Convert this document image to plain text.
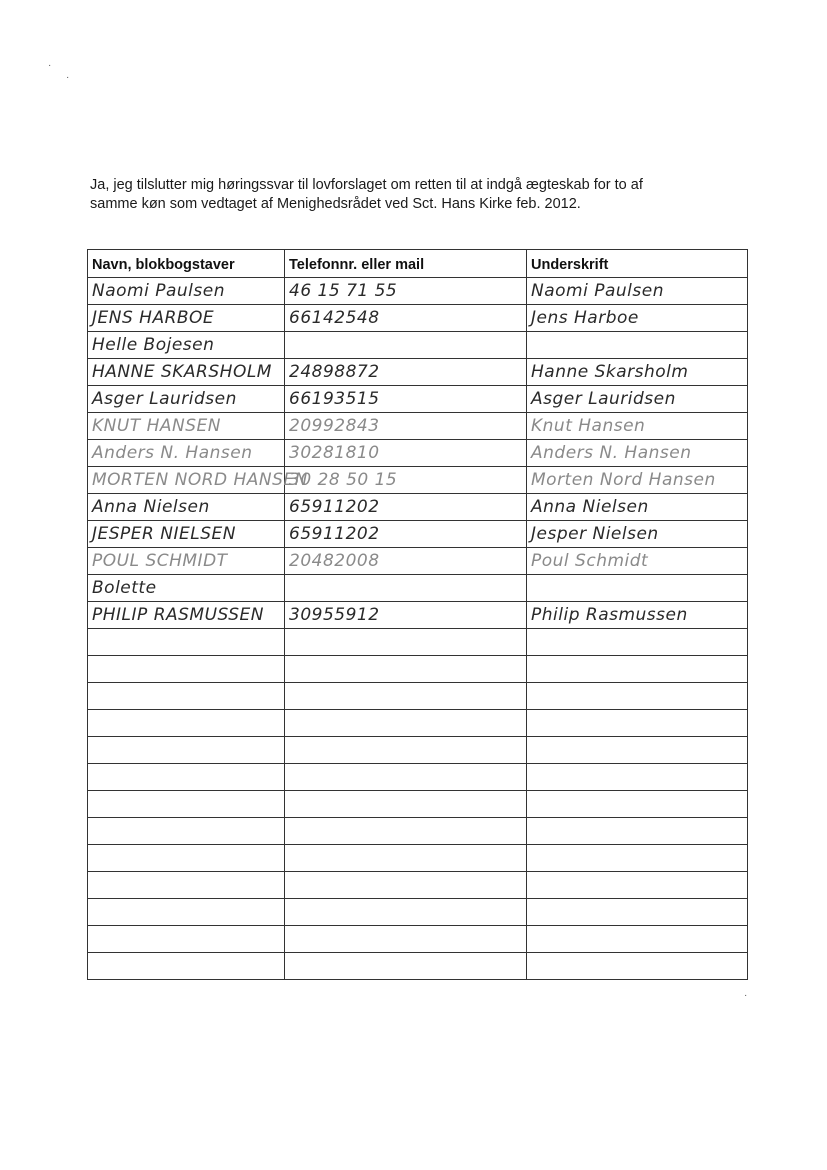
·
·
·
Ja, jeg tilslutter mig høringssvar til lovforslaget om retten til at indgå ægteskab for to af
samme køn som vedtaget af Menighedsrådet ved Sct. Hans Kirke feb. 2012.
Navn, blokbogstaver	Telefonnr. eller mail	Underskrift
Naomi Paulsen	46 15 71 55	Naomi Paulsen
JENS HARBOE	66142548	Jens Harboe
Helle Bojesen		
HANNE SKARSHOLM	24898872	Hanne Skarsholm
Asger Lauridsen	66193515	Asger Lauridsen
KNUT HANSEN	20992843	Knut Hansen
Anders N. Hansen	30281810	Anders N. Hansen
MORTEN NORD HANSEN	30 28 50 15	Morten Nord Hansen
Anna Nielsen	65911202	Anna Nielsen
JESPER NIELSEN	65911202	Jesper Nielsen
POUL SCHMIDT	20482008	Poul Schmidt
Bolette		
PHILIP RASMUSSEN	30955912	Philip Rasmussen
